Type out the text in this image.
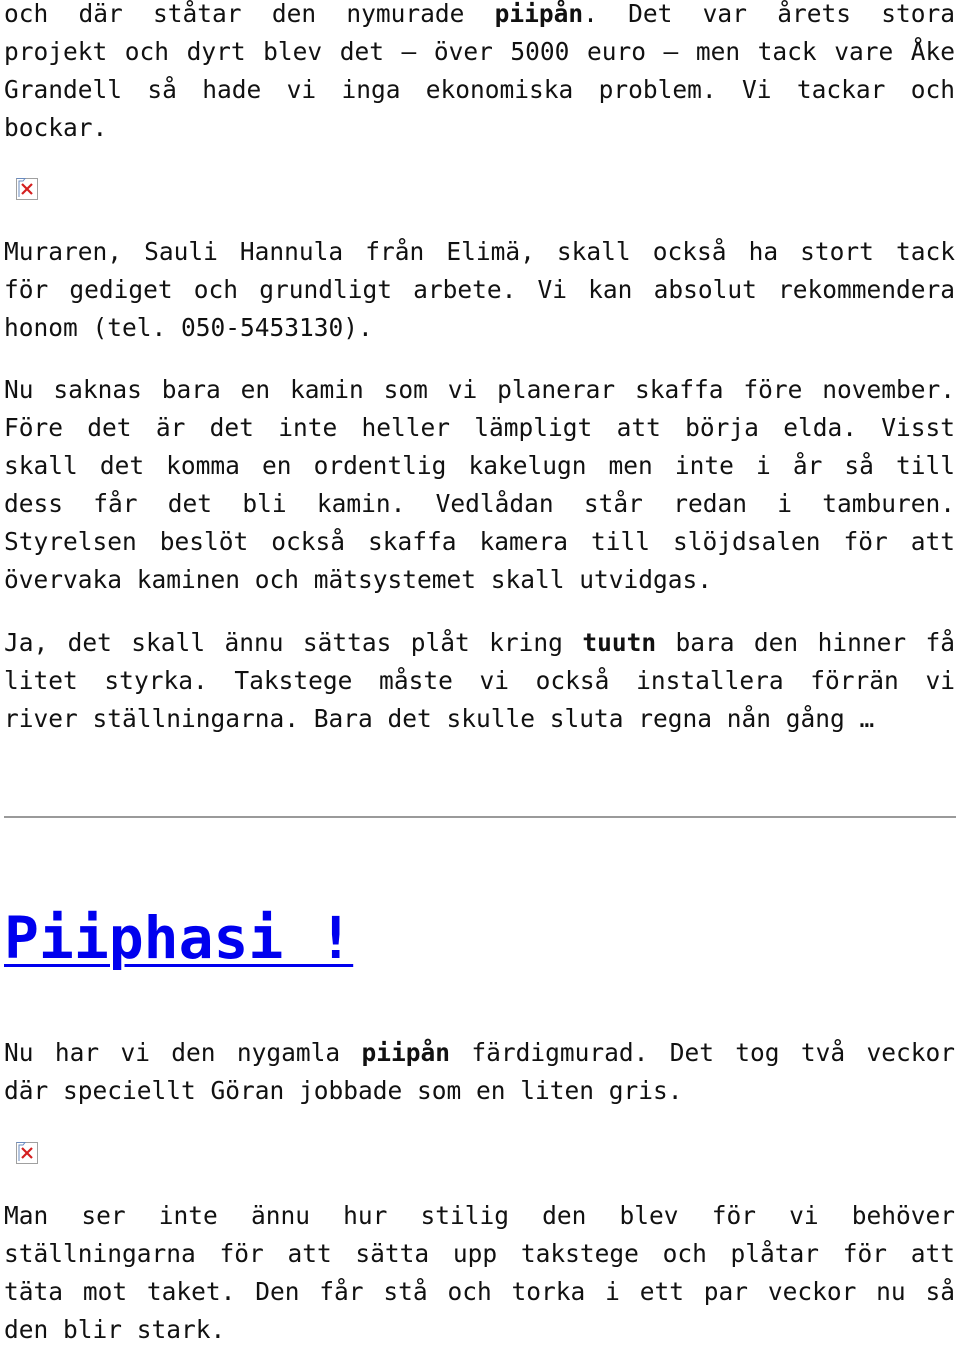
och där ståtar den nymurade piipån. Det var årets stora

projekt och dyrt blev det – över 5000 euro – men tack vare Åke

Grandell så hade vi inga ekonomiska problem. Vi tackar och

bockar.

Muraren, Sauli Hannula från Elimä, skall också ha stort tack

för gediget och grundligt arbete. Vi kan absolut rekommendera

honom (tel. 050-5453130).

Nu saknas bara en kamin som vi planerar skaffa före november.

Före det är det inte heller lämpligt att börja elda. Visst

skall det komma en ordentlig kakelugn men inte i år så till

dess får det bli kamin. Vedlådan står redan i tamburen.

Styrelsen beslöt också skaffa kamera till slöjdsalen för att

övervaka kaminen och mätsystemet skall utvidgas.

Ja, det skall ännu sättas plåt kring tuutn bara den hinner få

litet styrka. Takstege måste vi också installera förrän vi

river ställningarna. Bara det skulle sluta regna nån gång …

Piiphasi !

Nu har vi den nygamla piipån färdigmurad. Det tog två veckor

där speciellt Göran jobbade som en liten gris.

Man ser inte ännu hur stilig den blev för vi behöver

ställningarna för att sätta upp takstege och plåtar för att

täta mot taket. Den får stå och torka i ett par veckor nu så

den blir stark.
